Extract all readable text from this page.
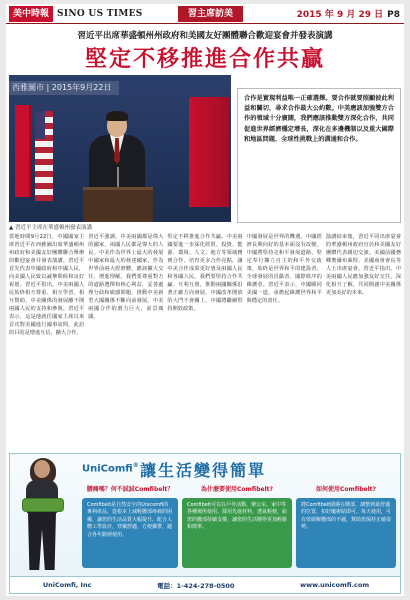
美中時報 SINO US TIMES	習主席訪美	2015 年 9 月 29 日 P8
習近平出席華盛頓州州政府和美國友好團體聯合歡迎宴會并發表演講
堅定不移推進合作共贏
西雅圖市 | 2015年9月22日
▲ 習近平主席在華盛頓州發表演講
合作是實現利益唯一正確選擇。要合作就要照顧彼此利益和關切，尋求合作最大公約數。中美應該加強雙方合作的領域十分廣闊，我們應該推動雙方深化合作，共同促進世界經濟穩定增長，深化在多邊機制以及重大國際和地區問題、全球性挑戰上的溝通和合作。
當地時間9月22日，中國國家主席習近平在西雅圖出席華盛頓州州政府和美國友好團體聯合舉辦的歡迎宴會并發表演講。習近平首先代表中國政府和中國人民，向美國人民致以誠摯問候和良好祝愿。習近平指出，中美兩國人民始終相互尊重、相互學習、相互幫助，中美關係的發展離不開兩國人民的支持和參與。習近平表示，這是他就任國家主席以來首次對美國進行國事訪問，此訪的目的是增進互信、擴大合作。
習近平強調，中美兩國都是偉大的國家，兩國人民都是偉大的人民。中美作為世界上最大的發展中國家和最大的發達國家，作為世界前兩大經濟體，應該擴大交往，增進理解。我們要尊重對方的道路選擇和核心利益，妥善處理分歧和敏感問題，推動中美新型大國關係不斷向前發展。中美兩國合作的潛力巨大，前景廣闊。
堅定不移推進合作共贏。中美兩國要進一步深化經貿、投資、能源、環境、人文、地方等領域務實合作，培育更多合作亮點，讓中美合作成果更好惠及兩國人民和各國人民。我們要堅持合作共贏、互利互惠，推動兩國關係沿著正確方向發展。中國改革開放的大門不會關上，中國將繼續堅持開放政策。
中國發展是世界的機遇。中國經濟長期向好的基本面沒有改變。中國將堅持走和平發展道路，堅定奉行獨立自主的和平外交政策，始終是世界和平的建設者、全球發展的貢獻者、國際秩序的維護者。習近平表示，中國願同美國一道，承擔起維護世界和平與穩定的責任。
演講結束後，習近平同出席宴會的華盛頓州政府官員和美國友好團體代表親切交談。美國前國務卿奧爾布萊特、美國商會會長等人士出席宴會。習近平指出，中美兩國人民應加強友好交往，深化相互了解，共同開創中美關係更加美好的未來。
UniComfi® 讓生活變得簡單
腰痛嗎？何不試試Comfibelt？	為什麼要使用Comfibelt?	如何使用Comfibelt?
Comfibelt是自然安全的Unicomfi的專利產品，從根本上減輕腰部疼痛的困擾，讓您的生活品質大幅提升。配合人體工學設計，穿戴舒適，方便攜帶，適合各年齡層使用。
Comfibelt可以在戶外活動、辦公室、家中等各種場所使用。採用先進材料，透氣輕便，給您的腰部持續支撐，讓您的生活變得更加輕鬆和簡單。
將Comfibelt圍繞在腰部，調整到最舒適的位置，扣好魔術貼即可。每天使用，可有效緩解腰部的不適，幫助您保持正確姿勢。
UniComfi, Inc	電話：1-424-278-0500	www.unicomfi.com
